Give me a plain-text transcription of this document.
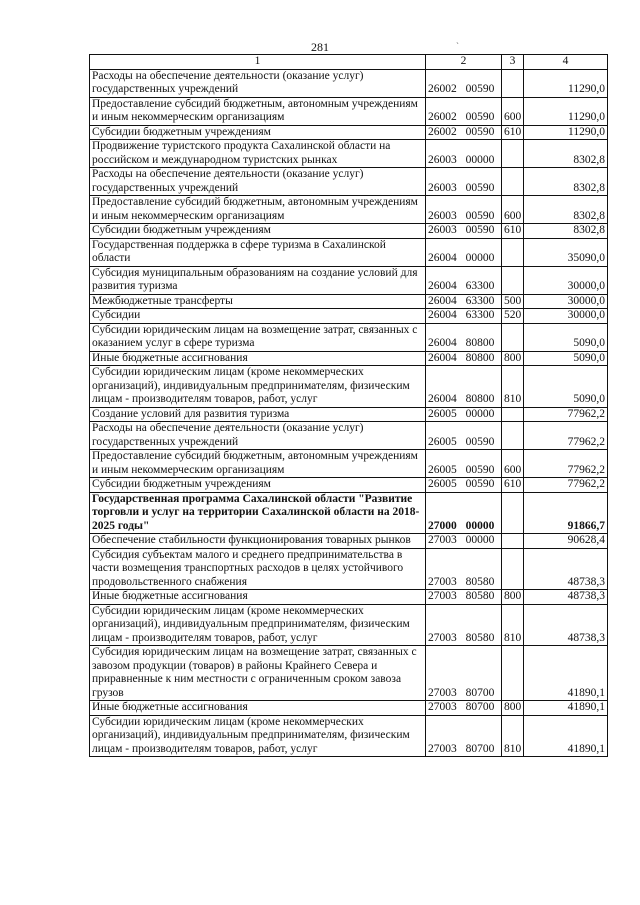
281	`
1	2	3	4
Расходы на обеспечение деятельности (оказание услуг) государственных учреждений	26002 00590		11290,0
Предоставление субсидий бюджетным, автономным учреждениям и иным некоммерческим организациям	26002 00590	600	11290,0
Субсидии бюджетным учреждениям	26002 00590	610	11290,0
Продвижение туристского продукта Сахалинской области на российском и международном туристских рынках	26003 00000		8302,8
Расходы на обеспечение деятельности (оказание услуг) государственных учреждений	26003 00590		8302,8
Предоставление субсидий бюджетным, автономным учреждениям и иным некоммерческим организациям	26003 00590	600	8302,8
Субсидии бюджетным учреждениям	26003 00590	610	8302,8
Государственная поддержка в сфере туризма в Сахалинской области	26004 00000		35090,0
Субсидия муниципальным образованиям на создание условий для развития туризма	26004 63300		30000,0
Межбюджетные трансферты	26004 63300	500	30000,0
Субсидии	26004 63300	520	30000,0
Субсидии юридическим лицам на возмещение затрат, связанных с оказанием услуг в сфере туризма	26004 80800		5090,0
Иные бюджетные ассигнования	26004 80800	800	5090,0
Субсидии юридическим лицам (кроме некоммерческих организаций), индивидуальным предпринимателям, физическим лицам - производителям товаров, работ, услуг	26004 80800	810	5090,0
Создание условий для развития туризма	26005 00000		77962,2
Расходы на обеспечение деятельности (оказание услуг) государственных учреждений	26005 00590		77962,2
Предоставление субсидий бюджетным, автономным учреждениям и иным некоммерческим организациям	26005 00590	600	77962,2
Субсидии бюджетным учреждениям	26005 00590	610	77962,2
Государственная программа Сахалинской области "Развитие торговли и услуг на территории Сахалинской области на 2018-2025 годы"	27000 00000		91866,7
Обеспечение стабильности функционирования товарных рынков	27003 00000		90628,4
Субсидия субъектам малого и среднего предпринимательства в части возмещения транспортных расходов в целях устойчивого продовольственного снабжения	27003 80580		48738,3
Иные бюджетные ассигнования	27003 80580	800	48738,3
Субсидии юридическим лицам (кроме некоммерческих организаций), индивидуальным предпринимателям, физическим лицам - производителям товаров, работ, услуг	27003 80580	810	48738,3
Субсидия юридическим лицам на возмещение затрат, связанных с завозом продукции (товаров) в районы Крайнего Севера и приравненные к ним местности с ограниченным сроком завоза грузов	27003 80700		41890,1
Иные бюджетные ассигнования	27003 80700	800	41890,1
Субсидии юридическим лицам (кроме некоммерческих организаций), индивидуальным предпринимателям, физическим лицам - производителям товаров, работ, услуг	27003 80700	810	41890,1
